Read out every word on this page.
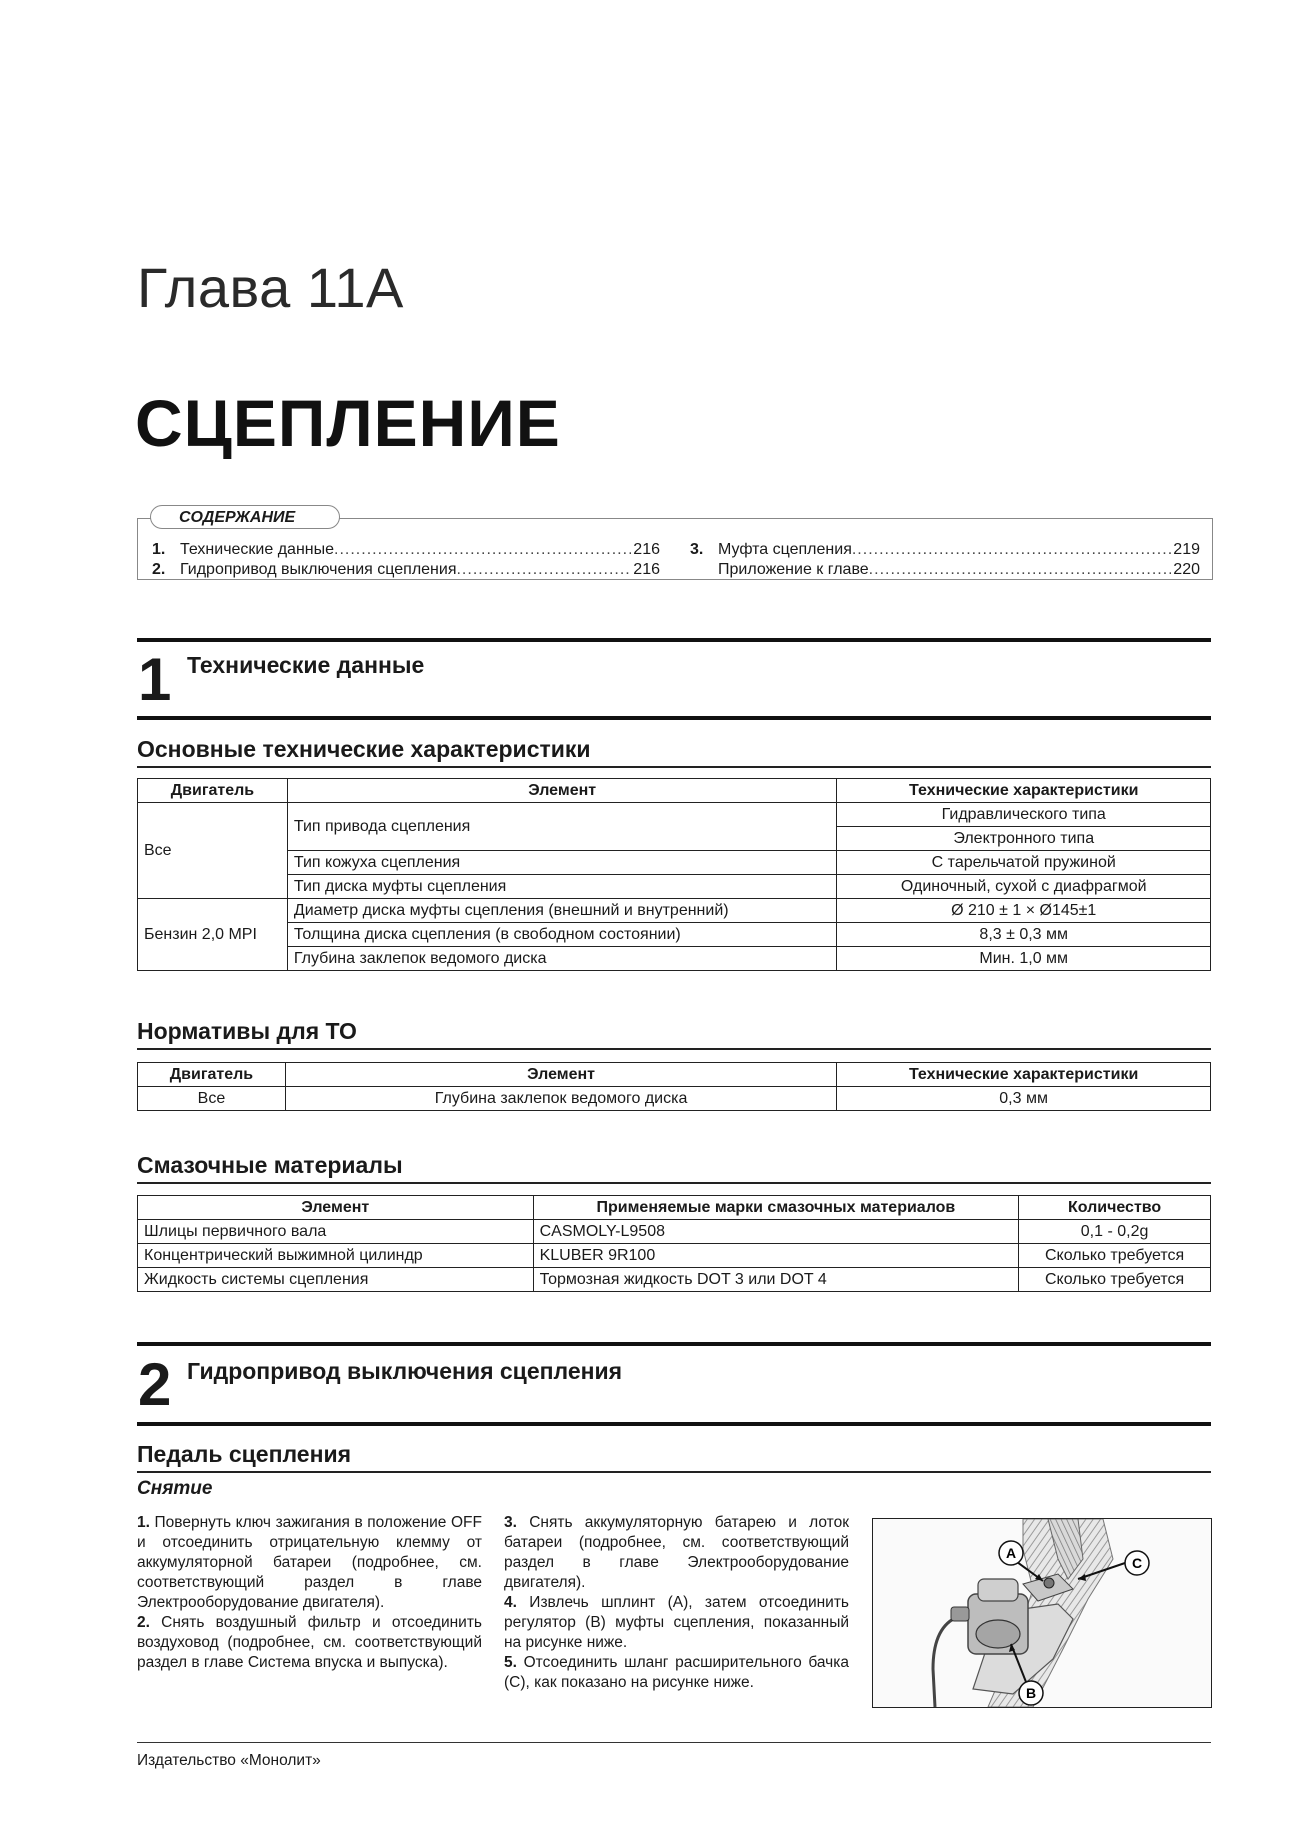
Глава 11А
СЦЕПЛЕНИЕ
СОДЕРЖАНИЕ
1. Технические данные .....	216
2. Гидропривод выключения сцепления .....	216
3. Муфта сцепления .....	219
Приложение к главе .....	220
1 Технические данные
Основные технические характеристики
Двигатель	Элемент	Технические характеристики
Все	Тип привода сцепления	Гидравлического типа
		Электронного типа
	Тип кожуха сцепления	С тарельчатой пружиной
	Тип диска муфты сцепления	Одиночный, сухой с диафрагмой
Бензин 2,0 MPI	Диаметр диска муфты сцепления (внешний и внутренний)	Ø 210 ± 1 × Ø145±1
	Толщина диска сцепления (в свободном состоянии)	8,3 ± 0,3 мм
	Глубина заклепок ведомого диска	Мин. 1,0 мм
Нормативы для ТО
Двигатель	Элемент	Технические характеристики
Все	Глубина заклепок ведомого диска	0,3 мм
Смазочные материалы
Элемент	Применяемые марки смазочных материалов	Количество
Шлицы первичного вала	CASMOLY-L9508	0,1 - 0,2g
Концентрический выжимной цилиндр	KLUBER 9R100	Сколько требуется
Жидкость системы сцепления	Тормозная жидкость DOT 3 или DOT 4	Сколько требуется
2 Гидропривод выключения сцепления
Педаль сцепления
Снятие

1. Повернуть ключ зажигания в положение OFF и отсоединить отрицательную клемму от аккумуляторной батареи (подробнее, см. соответствующий раздел в главе Электрооборудование двигателя).

2. Снять воздушный фильтр и отсоединить воздуховод (подробнее, см. соответствующий раздел в главе Система впуска и выпуска).

3. Снять аккумуляторную батарею и лоток батареи (подробнее, см. соответствующий раздел в главе Электрооборудование двигателя).

4. Извлечь шплинт (A), затем отсоединить регулятор (B) муфты сцепления, показанный на рисунке ниже.

5. Отсоединить шланг расширительного бачка (C), как показано на рисунке ниже.

A
B
C
Издательство «Монолит»
